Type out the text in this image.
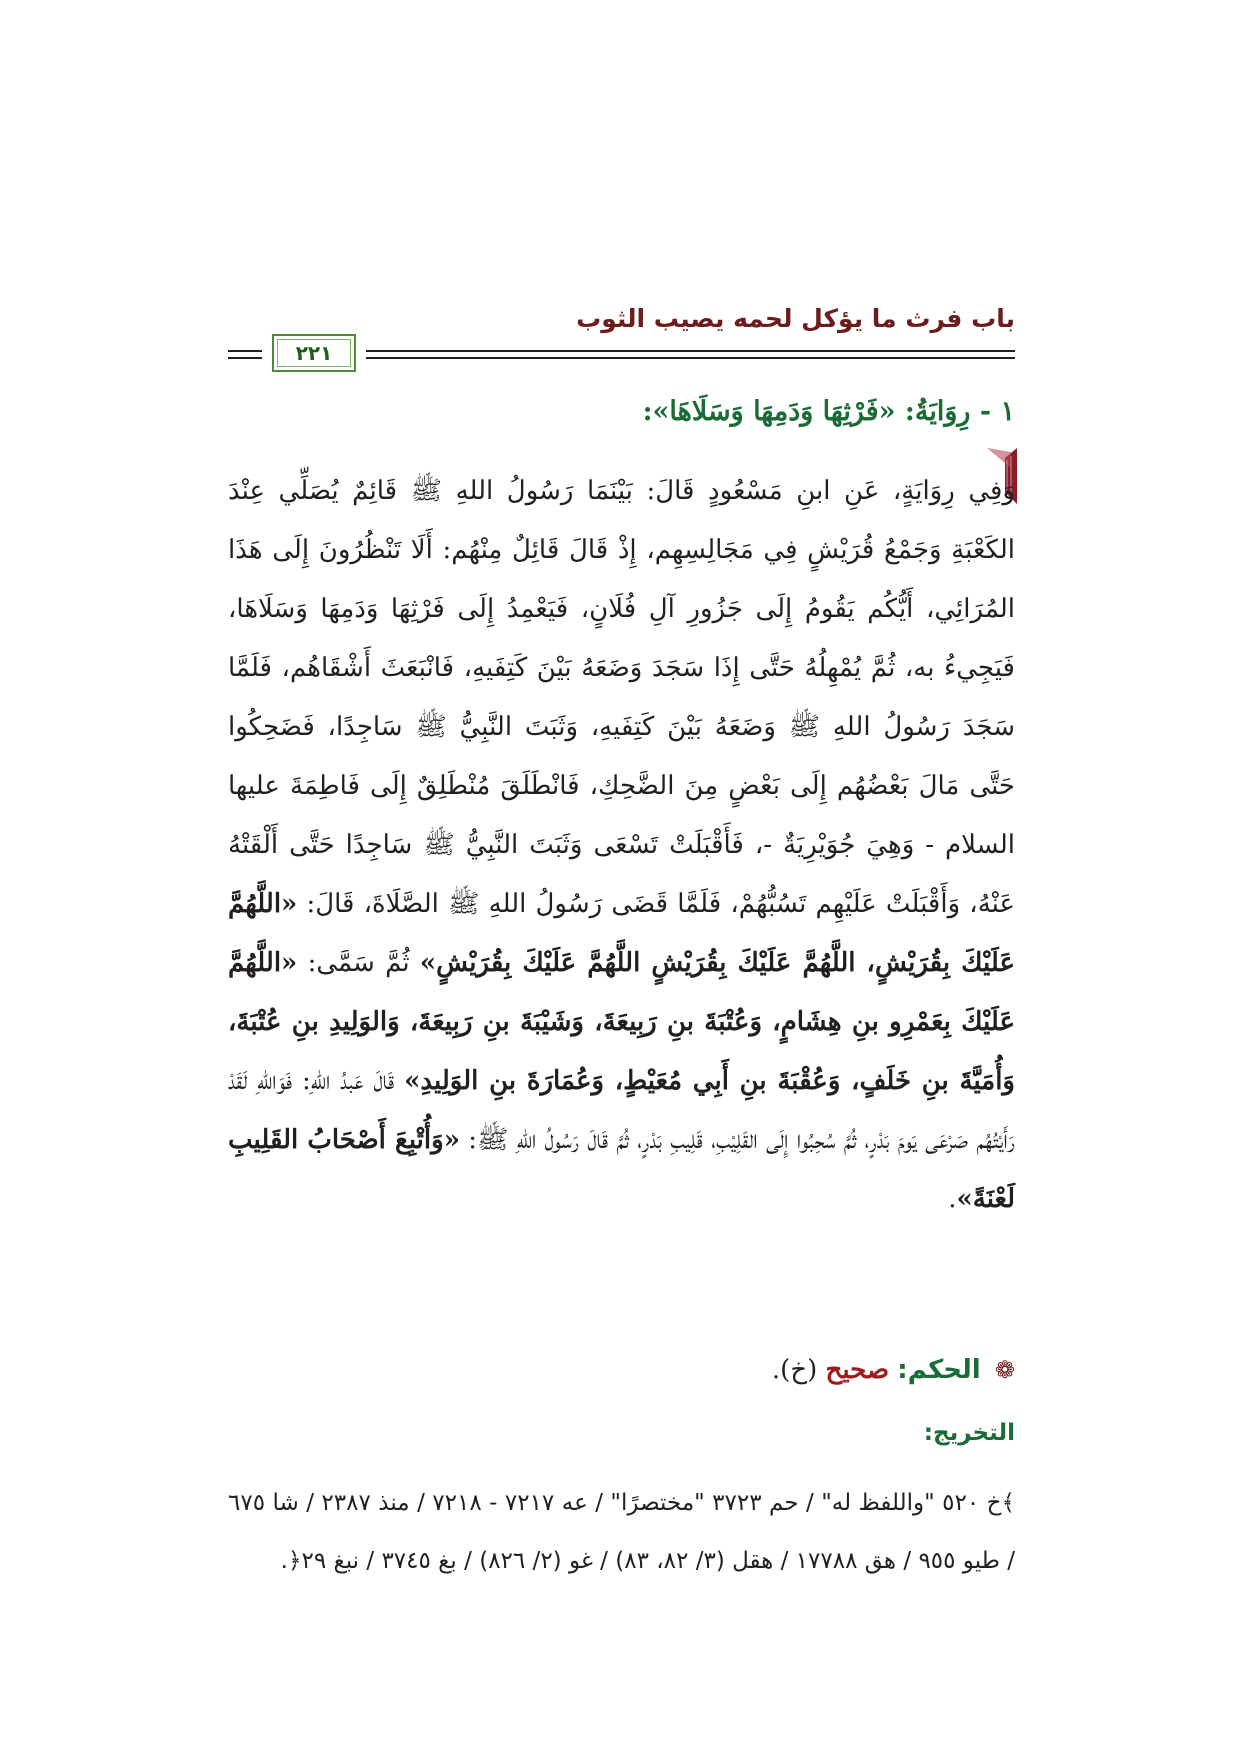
باب فرث ما يؤكل لحمه يصيب الثوب
٢٢١
١ - رِوَايَةُ: «فَرْثِهَا وَدَمِهَا وَسَلَاهَا»:

وَفِي رِوَايَةٍ، عَنِ ابنِ مَسْعُودٍ قَالَ: بَيْنَمَا رَسُولُ اللهِ ﷺ قَائِمٌ يُصَلِّي عِنْدَ الكَعْبَةِ وَجَمْعُ قُرَيْشٍ فِي مَجَالِسِهِم، إِذْ قَالَ قَائِلٌ مِنْهُم: أَلَا تَنْظُرُونَ إِلَى هَذَا المُرَائِي، أَيُّكُم يَقُومُ إِلَى جَزُورِ آلِ فُلَانٍ، فَيَعْمِدُ إِلَى فَرْثِهَا وَدَمِهَا وَسَلَاهَا، فَيَجِيءُ به، ثُمَّ يُمْهِلُهُ حَتَّى إِذَا سَجَدَ وَضَعَهُ بَيْنَ كَتِفَيهِ، فَانْبَعَثَ أَشْقَاهُم، فَلَمَّا سَجَدَ رَسُولُ اللهِ ﷺ وَضَعَهُ بَيْنَ كَتِفَيهِ، وَثَبَتَ النَّبِيُّ ﷺ سَاجِدًا، فَضَحِكُوا حَتَّى مَالَ بَعْضُهُم إِلَى بَعْضٍ مِنَ الضَّحِكِ، فَانْطَلَقَ مُنْطَلِقٌ إِلَى فَاطِمَةَ عليها السلام - وَهِيَ جُوَيْرِيَةٌ -، فَأَقْبَلَتْ تَسْعَى وَثَبَتَ النَّبِيُّ ﷺ سَاجِدًا حَتَّى أَلْقَتْهُ عَنْهُ، وَأَقْبَلَتْ عَلَيْهِم تَسُبُّهُمْ، فَلَمَّا قَضَى رَسُولُ اللهِ ﷺ الصَّلَاةَ، قَالَ: «اللَّهُمَّ عَلَيْكَ بِقُرَيْشٍ، اللَّهُمَّ عَلَيْكَ بِقُرَيْشٍ اللَّهُمَّ عَلَيْكَ بِقُرَيْشٍ» ثُمَّ سَمَّى: «اللَّهُمَّ عَلَيْكَ بِعَمْرِو بنِ هِشَامٍ، وَعُتْبَةَ بنِ رَبِيعَةَ، وَشَيْبَةَ بنِ رَبِيعَةَ، وَالوَلِيدِ بنِ عُتْبَةَ، وَأُمَيَّةَ بنِ خَلَفٍ، وَعُقْبَةَ بنِ أَبِي مُعَيْطٍ، وَعُمَارَةَ بنِ الوَلِيدِ» قَالَ عَبدُ اللهِ: فَوَاللهِ لَقَدْ رَأَيْتُهُم صَرْعَى يَومَ بَدْرٍ، ثُمَّ سُحِبُوا إِلَى القَلِيْبِ، قَلِيبِ بَدْرٍ، ثُمَّ قَالَ رَسُولُ اللهِ ﷺ: «وَأُتْبِعَ أَصْحَابُ القَلِيبِ لَعْنَةً».

❁ الحكم: صحيح (خ).
التخريج:

﴾خ ٥٢٠ "واللفظ له" / حم ٣٧٢٣ "مختصرًا" / عه ٧٢١٧ - ٧٢١٨ / منذ ٢٣٨٧ / شا ٦٧٥ / طيو ٩٥٥ / هق ١٧٧٨٨ / هقل (٣/ ٨٢، ٨٣) / غو (٢/ ٨٢٦) / بغ ٣٧٤٥ / نبغ ٢٩﴿.
